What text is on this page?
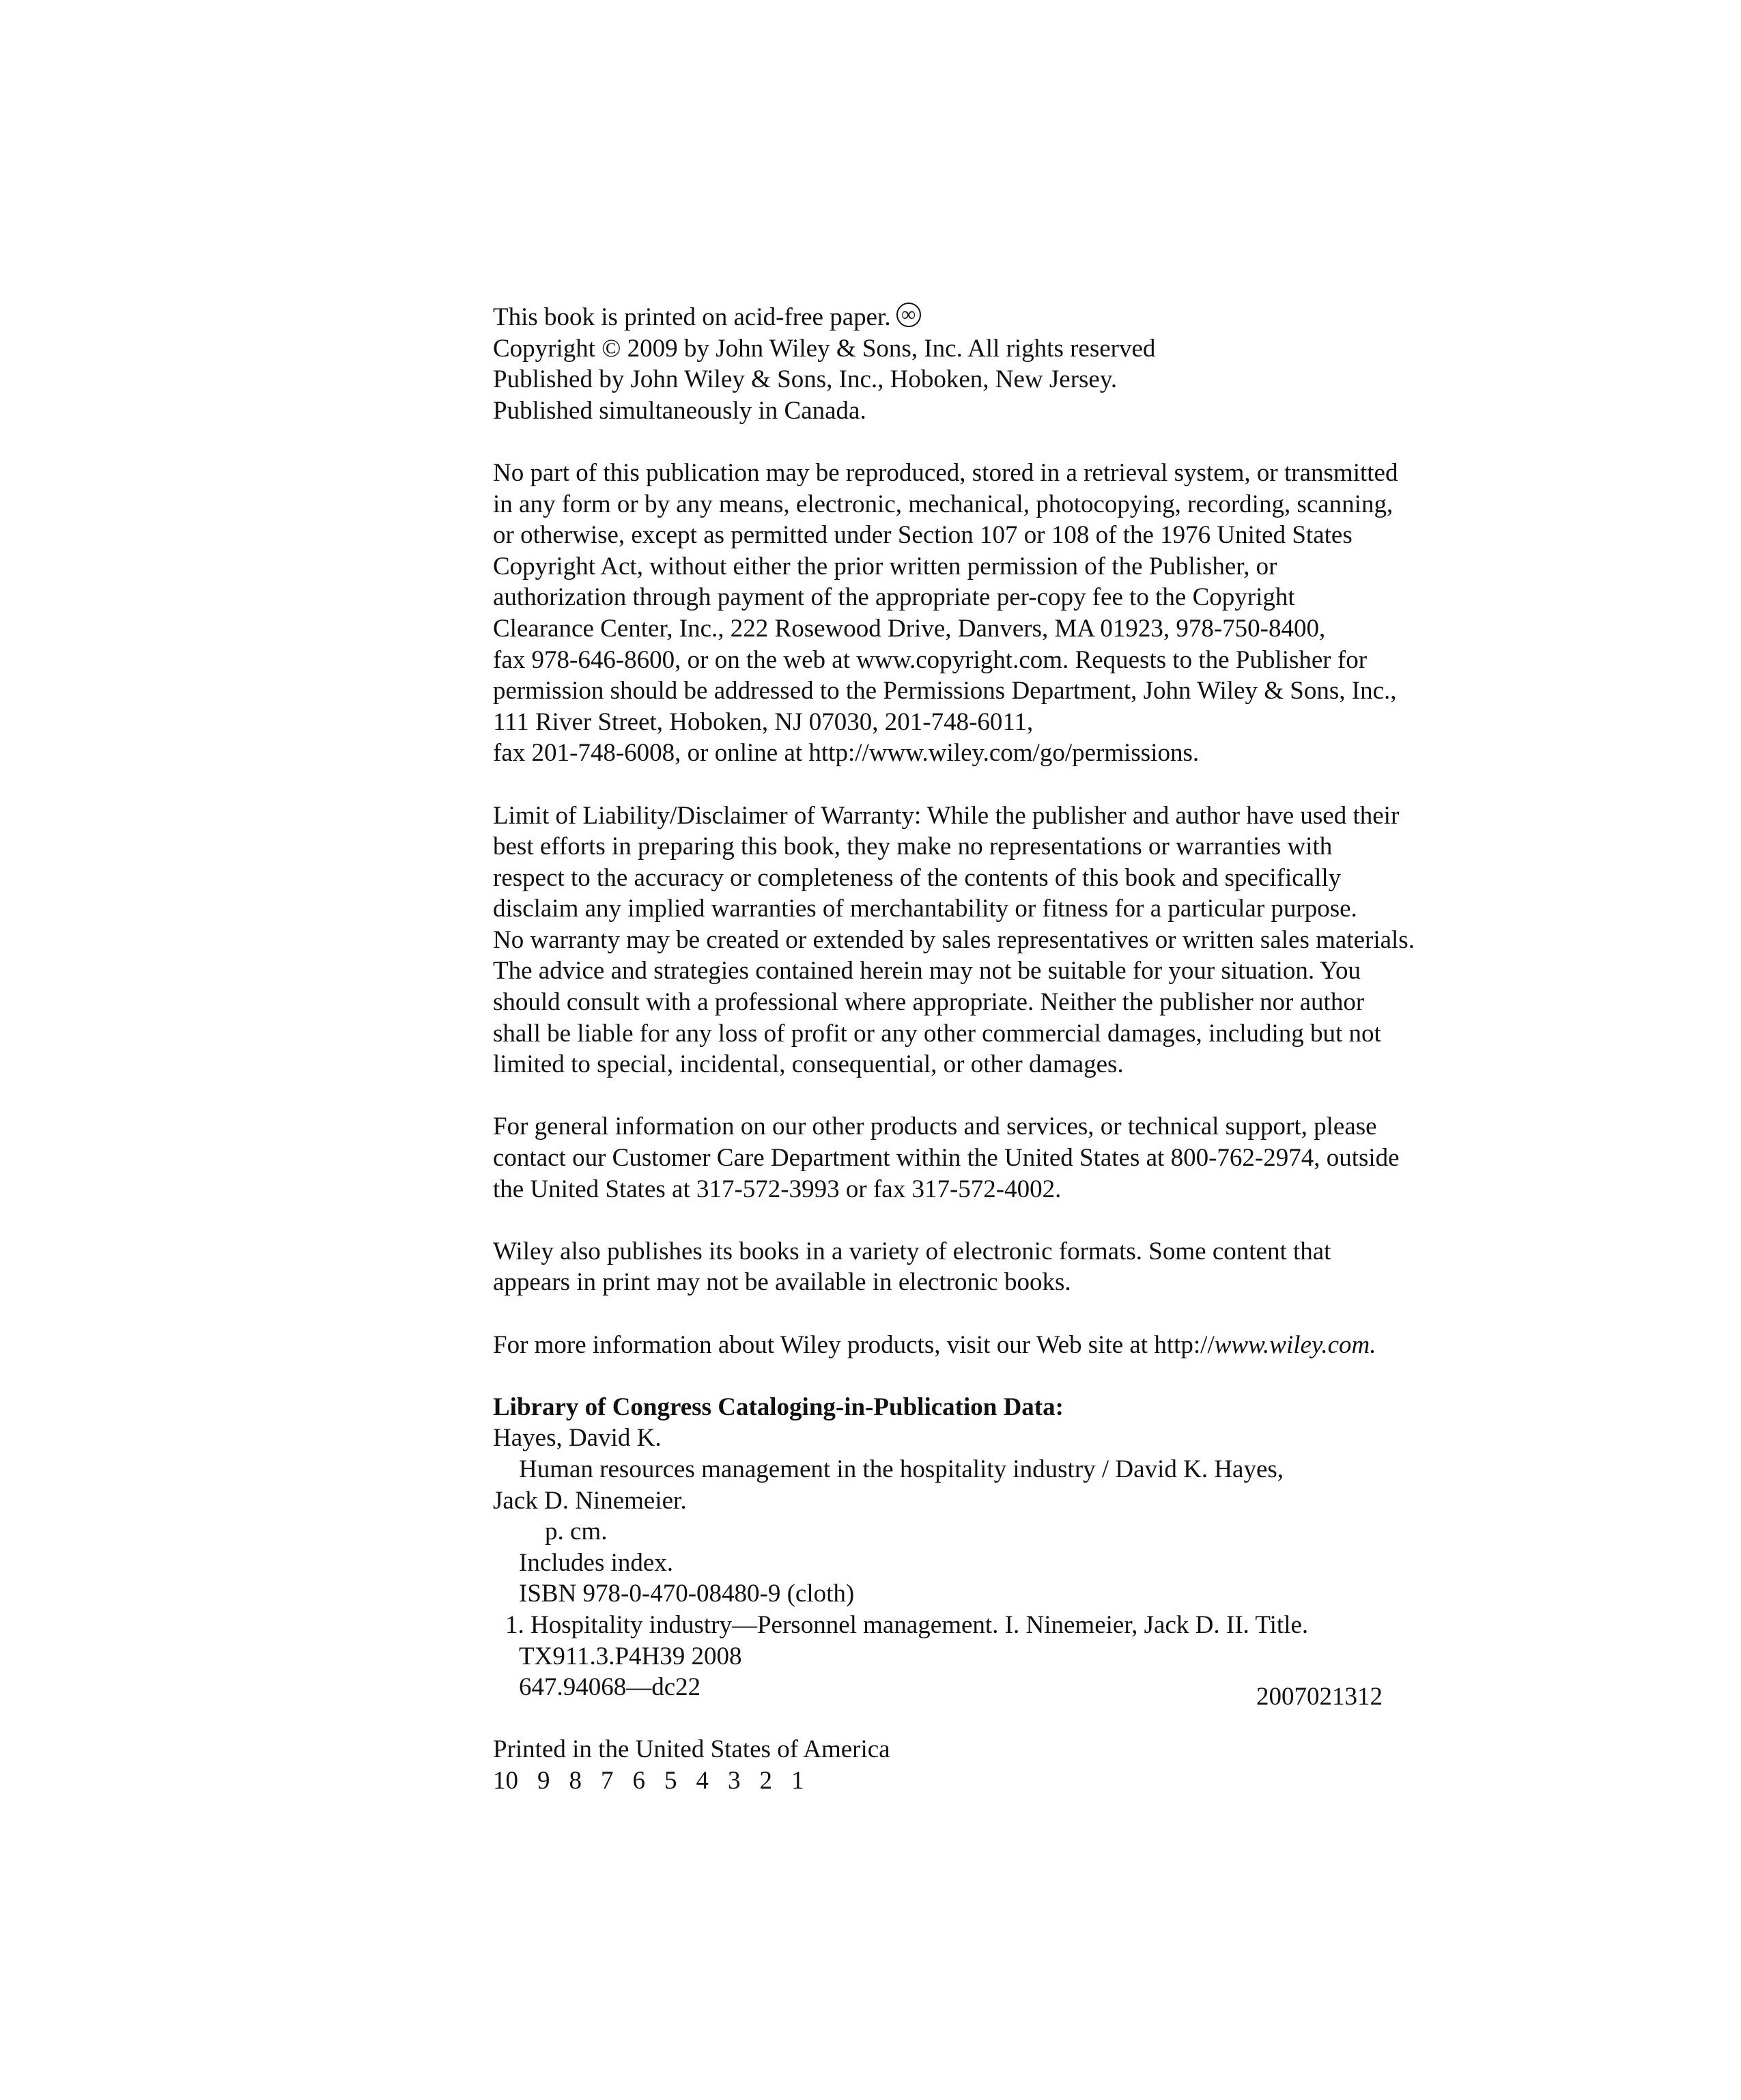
This book is printed on acid-free paper. ∞
Copyright © 2009 by John Wiley & Sons, Inc. All rights reserved
Published by John Wiley & Sons, Inc., Hoboken, New Jersey.
Published simultaneously in Canada.
No part of this publication may be reproduced, stored in a retrieval system, or transmitted
in any form or by any means, electronic, mechanical, photocopying, recording, scanning,
or otherwise, except as permitted under Section 107 or 108 of the 1976 United States
Copyright Act, without either the prior written permission of the Publisher, or
authorization through payment of the appropriate per-copy fee to the Copyright
Clearance Center, Inc., 222 Rosewood Drive, Danvers, MA 01923, 978-750-8400,
fax 978-646-8600, or on the web at www.copyright.com. Requests to the Publisher for
permission should be addressed to the Permissions Department, John Wiley & Sons, Inc.,
111 River Street, Hoboken, NJ 07030, 201-748-6011,
fax 201-748-6008, or online at http://www.wiley.com/go/permissions.
Limit of Liability/Disclaimer of Warranty: While the publisher and author have used their
best efforts in preparing this book, they make no representations or warranties with
respect to the accuracy or completeness of the contents of this book and specifically
disclaim any implied warranties of merchantability or fitness for a particular purpose.
No warranty may be created or extended by sales representatives or written sales materials.
The advice and strategies contained herein may not be suitable for your situation. You
should consult with a professional where appropriate. Neither the publisher nor author
shall be liable for any loss of profit or any other commercial damages, including but not
limited to special, incidental, consequential, or other damages.
For general information on our other products and services, or technical support, please
contact our Customer Care Department within the United States at 800-762-2974, outside
the United States at 317-572-3993 or fax 317-572-4002.
Wiley also publishes its books in a variety of electronic formats. Some content that
appears in print may not be available in electronic books.
For more information about Wiley products, visit our Web site at http://www.wiley.com.
Library of Congress Cataloging-in-Publication Data:
Hayes, David K.
Human resources management in the hospitality industry / David K. Hayes,
Jack D. Ninemeier.
p. cm.
Includes index.
ISBN 978-0-470-08480-9 (cloth)
1. Hospitality industry—Personnel management. I. Ninemeier, Jack D. II. Title.
TX911.3.P4H39 2008
647.94068—dc22	2007021312
Printed in the United States of America
10 9 8 7 6 5 4 3 2 1
